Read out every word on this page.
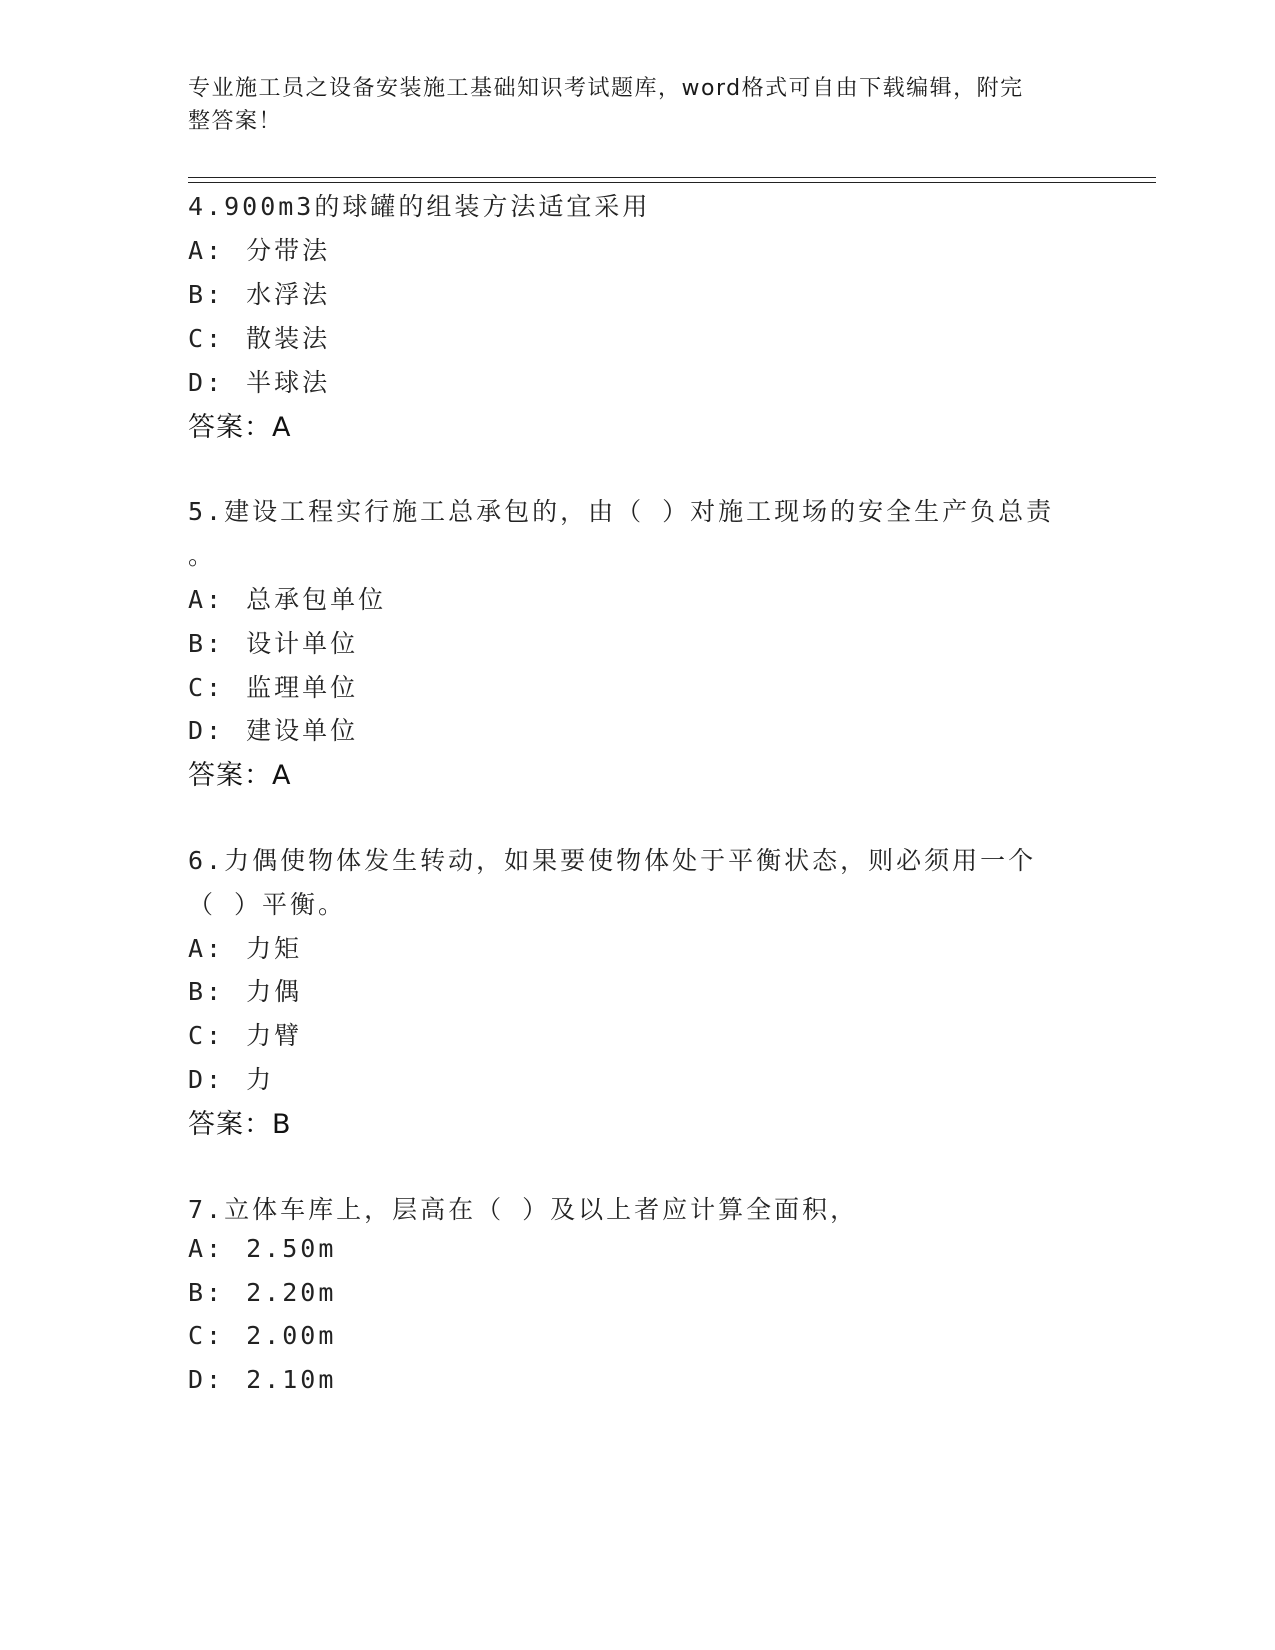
专业施工员之设备安装施工基础知识考试题库，word格式可自由下载编辑，附完
整答案！
4.900m3的球罐的组装方法适宜采用
A: 分带法
B: 水浮法
C: 散装法
D: 半球法
答案：A
5.建设工程实行施工总承包的，由（ ）对施工现场的安全生产负总责
。
A: 总承包单位
B: 设计单位
C: 监理单位
D: 建设单位
答案：A
6.力偶使物体发生转动，如果要使物体处于平衡状态，则必须用一个
（ ）平衡。
A: 力矩
B: 力偶
C: 力臂
D: 力
答案：B
7.立体车库上，层高在（ ）及以上者应计算全面积，
A: 2.50m
B: 2.20m
C: 2.00m
D: 2.10m
